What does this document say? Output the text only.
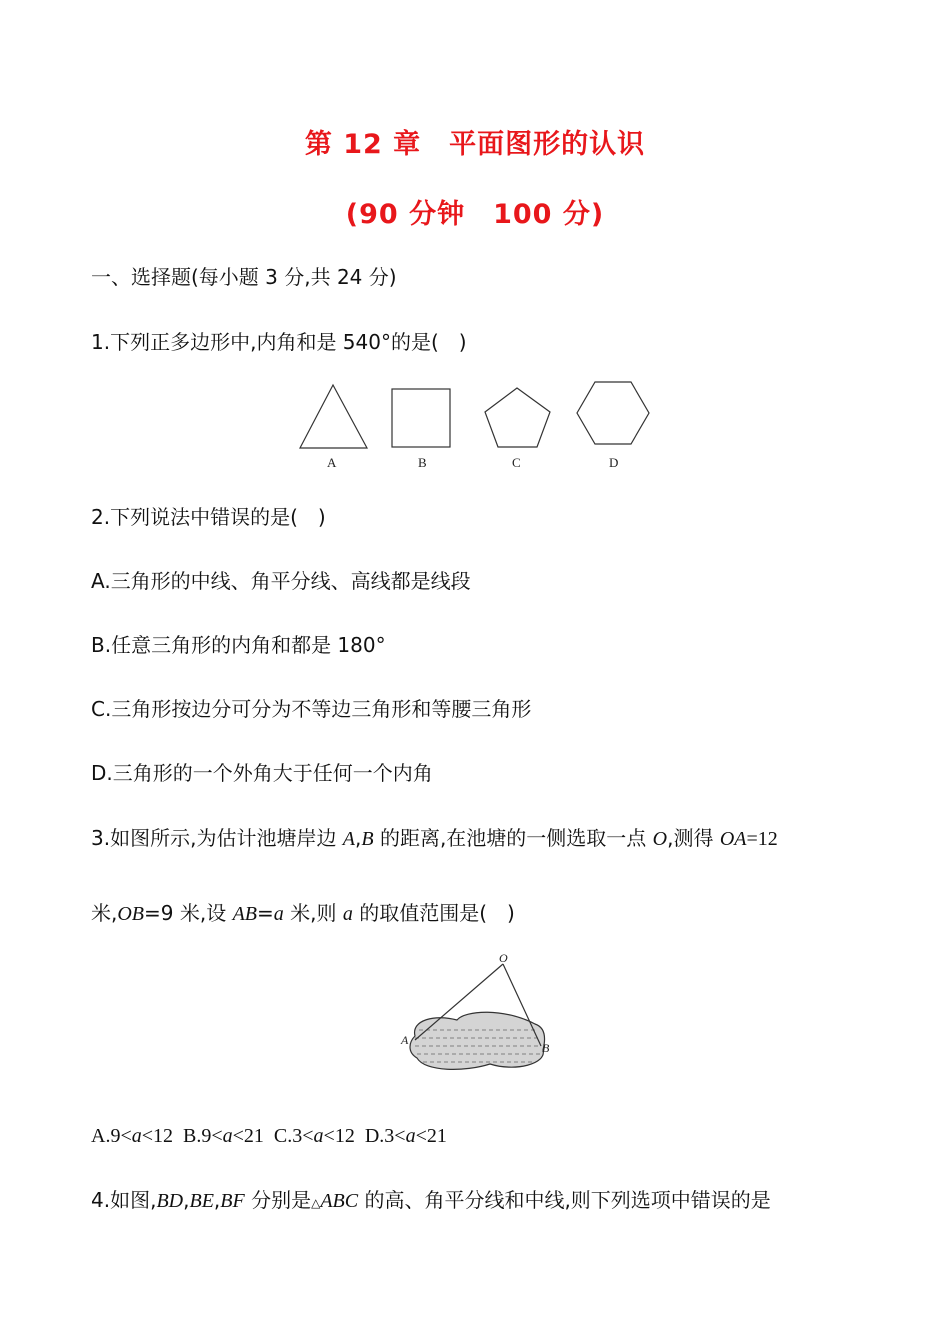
第 12 章　平面图形的认识
(90 分钟　100 分)
一、选择题(每小题 3 分,共 24 分)
1.下列正多边形中,内角和是 540°的是(　)
A	B	C	D
2.下列说法中错误的是(　)
A.三角形的中线、角平分线、高线都是线段
B.任意三角形的内角和都是 180°
C.三角形按边分可分为不等边三角形和等腰三角形
D.三角形的一个外角大于任何一个内角
3.如图所示,为估计池塘岸边 A,B 的距离,在池塘的一侧选取一点 O,测得 OA=12
米,OB=9 米,设 AB=a 米,则 a 的取值范围是(　)
O
A
B
A.9<a<12 B.9<a<21 C.3<a<12 D.3<a<21
4.如图,BD,BE,BF 分别是△ABC 的高、角平分线和中线,则下列选项中错误的是
